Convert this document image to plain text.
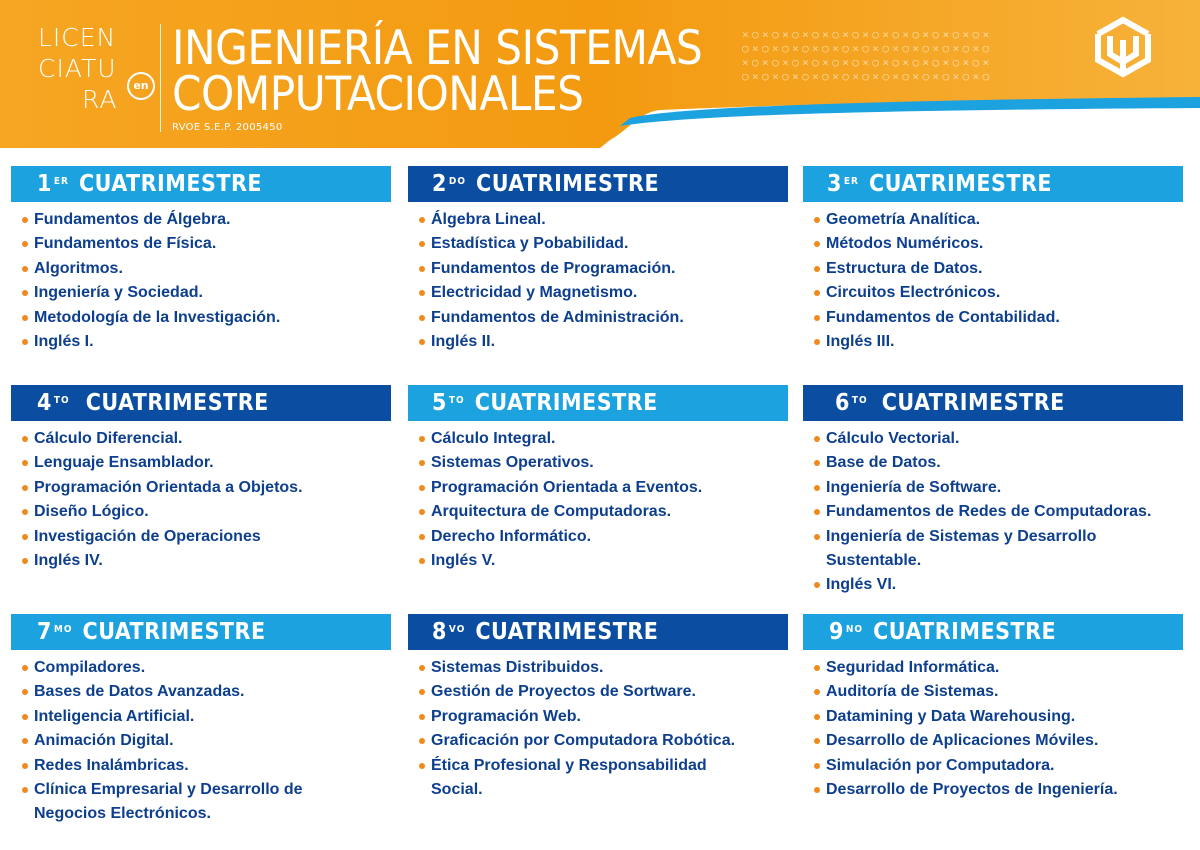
LICEN
CIATU
RA	en
INGENIERÍA EN SISTEMAS
COMPUTACIONALES
RVOE S.E.P. 2005450
×○×○×○×○×○×○×○×○×○×○×○×○×
○×○×○×○×○×○×○×○×○×○×○×○×○
×○×○×○×○×○×○×○×○×○×○×○×○×
○×○×○×○×○×○×○×○×○×○×○×○×○
1ER CUATRIMESTRE
Fundamentos de Álgebra.
Fundamentos de Física.
Algoritmos.
Ingeniería y Sociedad.
Metodología de la Investigación.
Inglés I.
$2^{DO}$ CUATRIMESTRE
Álgebra Lineal.
Estadística y Pobabilidad.
Fundamentos de Programación.
Electricidad y Magnetismo.
Fundamentos de Administración.
Inglés II.
3ER CUATRIMESTRE
Geometría Analítica.
Métodos Numéricos.
Estructura de Datos.
Circuitos Electrónicos.
Fundamentos de Contabilidad.
Inglés III.
$4^{TO}$ CUATRIMESTRE
Cálculo Diferencial.
Lenguaje Ensamblador.
Programación Orientada a Objetos.
Diseño Lógico.
Investigación de Operaciones
Inglés IV.
$5^{TO}$ CUATRIMESTRE
Cálculo Integral.
Sistemas Operativos.
Programación Orientada a Eventos.
Arquitectura de Computadoras.
Derecho Informático.
Inglés V.
$6^{TO}$ CUATRIMESTRE
Cálculo Vectorial.
Base de Datos.
Ingeniería de Software.
Fundamentos de Redes de Computadoras.
Ingeniería de Sistemas y Desarrollo Sustentable.
Inglés VI.
$7^{MO}$ CUATRIMESTRE
Compiladores.
Bases de Datos Avanzadas.
Inteligencia Artificial.
Animación Digital.
Redes Inalámbricas.
Clínica Empresarial y Desarrollo de Negocios Electrónicos.
$8^{VO}$ CUATRIMESTRE
Sistemas Distribuidos.
Gestión de Proyectos de Sortware.
Programación Web.
Graficación por Computadora Robótica.
Ética Profesional y Responsabilidad Social.
$9^{NO}$ CUATRIMESTRE
Seguridad Informática.
Auditoría de Sistemas.
Datamining y Data Warehousing.
Desarrollo de Aplicaciones Móviles.
Simulación por Computadora.
Desarrollo de Proyectos de Ingeniería.
